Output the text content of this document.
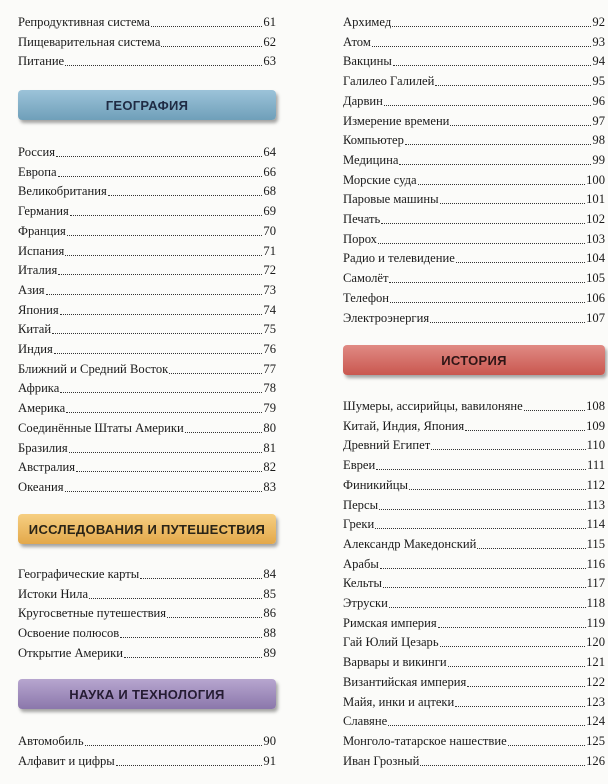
Репродуктивная система	61
Пищеварительная система	62
Питание	63
ГЕОГРАФИЯ
Россия	64
Европа	66
Великобритания	68
Германия	69
Франция	70
Испания	71
Италия	72
Азия	73
Япония	74
Китай	75
Индия	76
Ближний и Средний Восток	77
Африка	78
Америка	79
Соединённые Штаты Америки	80
Бразилия	81
Австралия	82
Океания	83
ИССЛЕДОВАНИЯ И ПУТЕШЕСТВИЯ
Географические карты	84
Истоки Нила	85
Кругосветные путешествия	86
Освоение полюсов	88
Открытие Америки	89
НАУКА И ТЕХНОЛОГИЯ
Автомобиль	90
Алфавит и цифры	91
Архимед	92
Атом	93
Вакцины	94
Галилео Галилей	95
Дарвин	96
Измерение времени	97
Компьютер	98
Медицина	99
Морские суда	100
Паровые машины	101
Печать	102
Порох	103
Радио и телевидение	104
Самолёт	105
Телефон	106
Электроэнергия	107
ИСТОРИЯ
Шумеры, ассирийцы, вавилоняне	108
Китай, Индия, Япония	109
Древний Египет	110
Евреи	111
Финикийцы	112
Персы	113
Греки	114
Александр Македонский	115
Арабы	116
Кельты	117
Этруски	118
Римская империя	119
Гай Юлий Цезарь	120
Варвары и викинги	121
Византийская империя	122
Майя, инки и ацтеки	123
Славяне	124
Монголо-татарское нашествие	125
Иван Грозный	126
